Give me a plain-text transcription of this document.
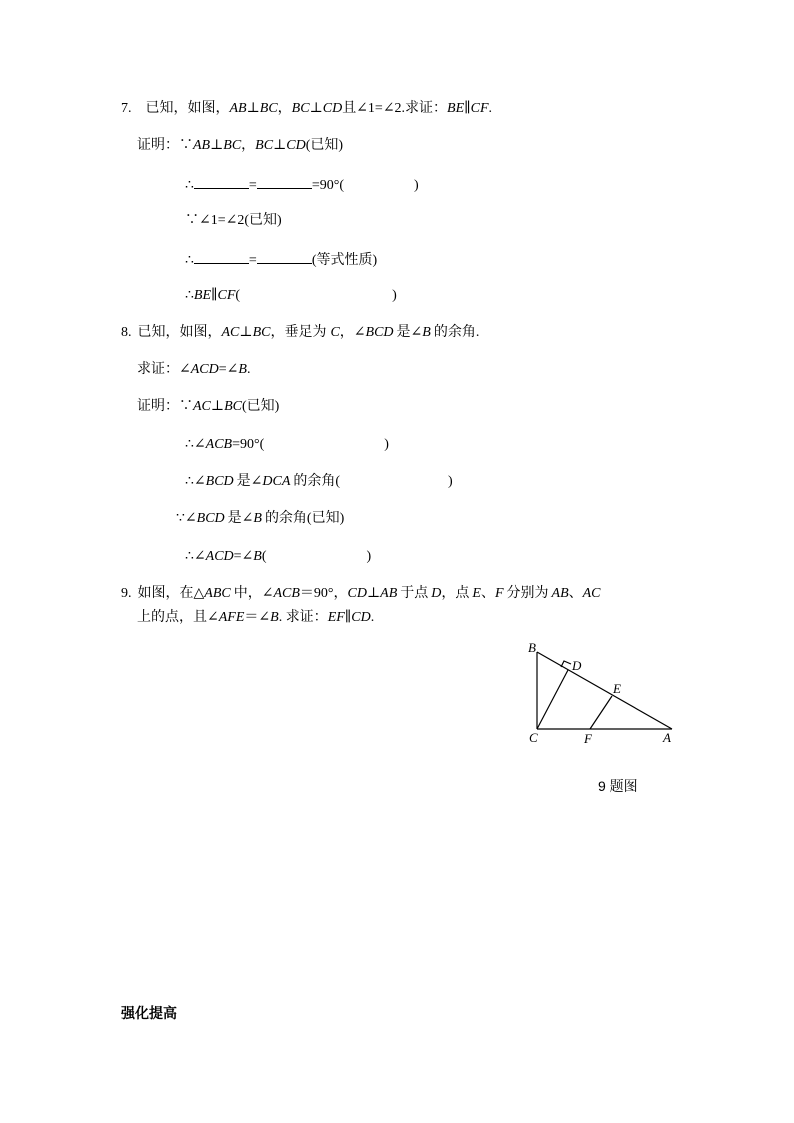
7. 已知，如图，AB⊥BC，BC⊥CD且∠1=∠2.求证：BE∥CF.
证明：∵AB⊥BC，BC⊥CD(已知)
∴	=	=90°(	)
∵∠1=∠2(已知)
∴	=	(等式性质)
∴BE∥CF(	)
8. 已知，如图，AC⊥BC，垂足为 C，∠BCD 是∠B 的余角.
求证：∠ACD=∠B.
证明：∵AC⊥BC(已知)
∴∠ACB=90°(	)
∴∠BCD 是∠DCA 的余角(	)
∵∠BCD 是∠B 的余角(已知)
∴∠ACD=∠B(	)
9. 如图，在△ABC 中，∠ACB＝90°，CD⊥AB 于点 D，点 E、F 分别为 AB、AC
上的点，且∠AFE＝∠B. 求证：EF∥CD.
B
D
E
C	F	A
9 题图
强化提高
